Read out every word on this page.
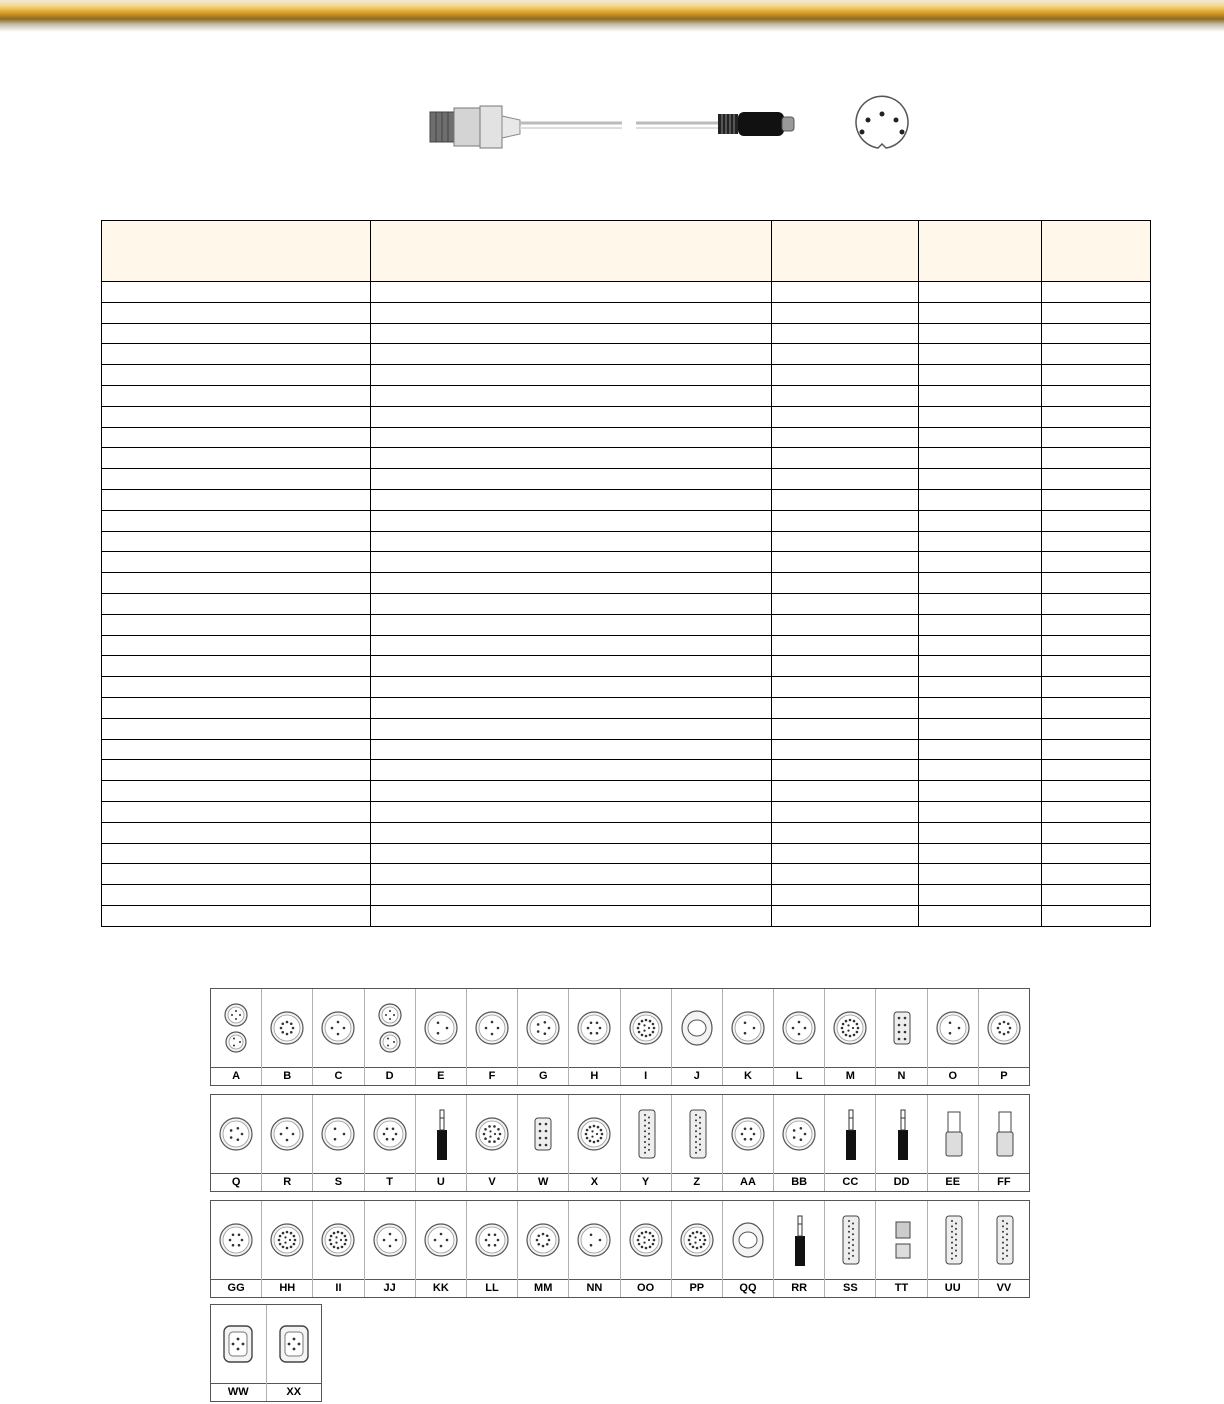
A	B	C	D	E	F	G	H	I	J	K	L	M	N	O	P
Q	R	S	T	U	V	W	X	Y	Z	AA	BB	CC	DD	EE	FF
GG	HH	II	JJ	KK	LL	MM	NN	OO	PP	QQ	RR	SS	TT	UU	VV
WW	XX
